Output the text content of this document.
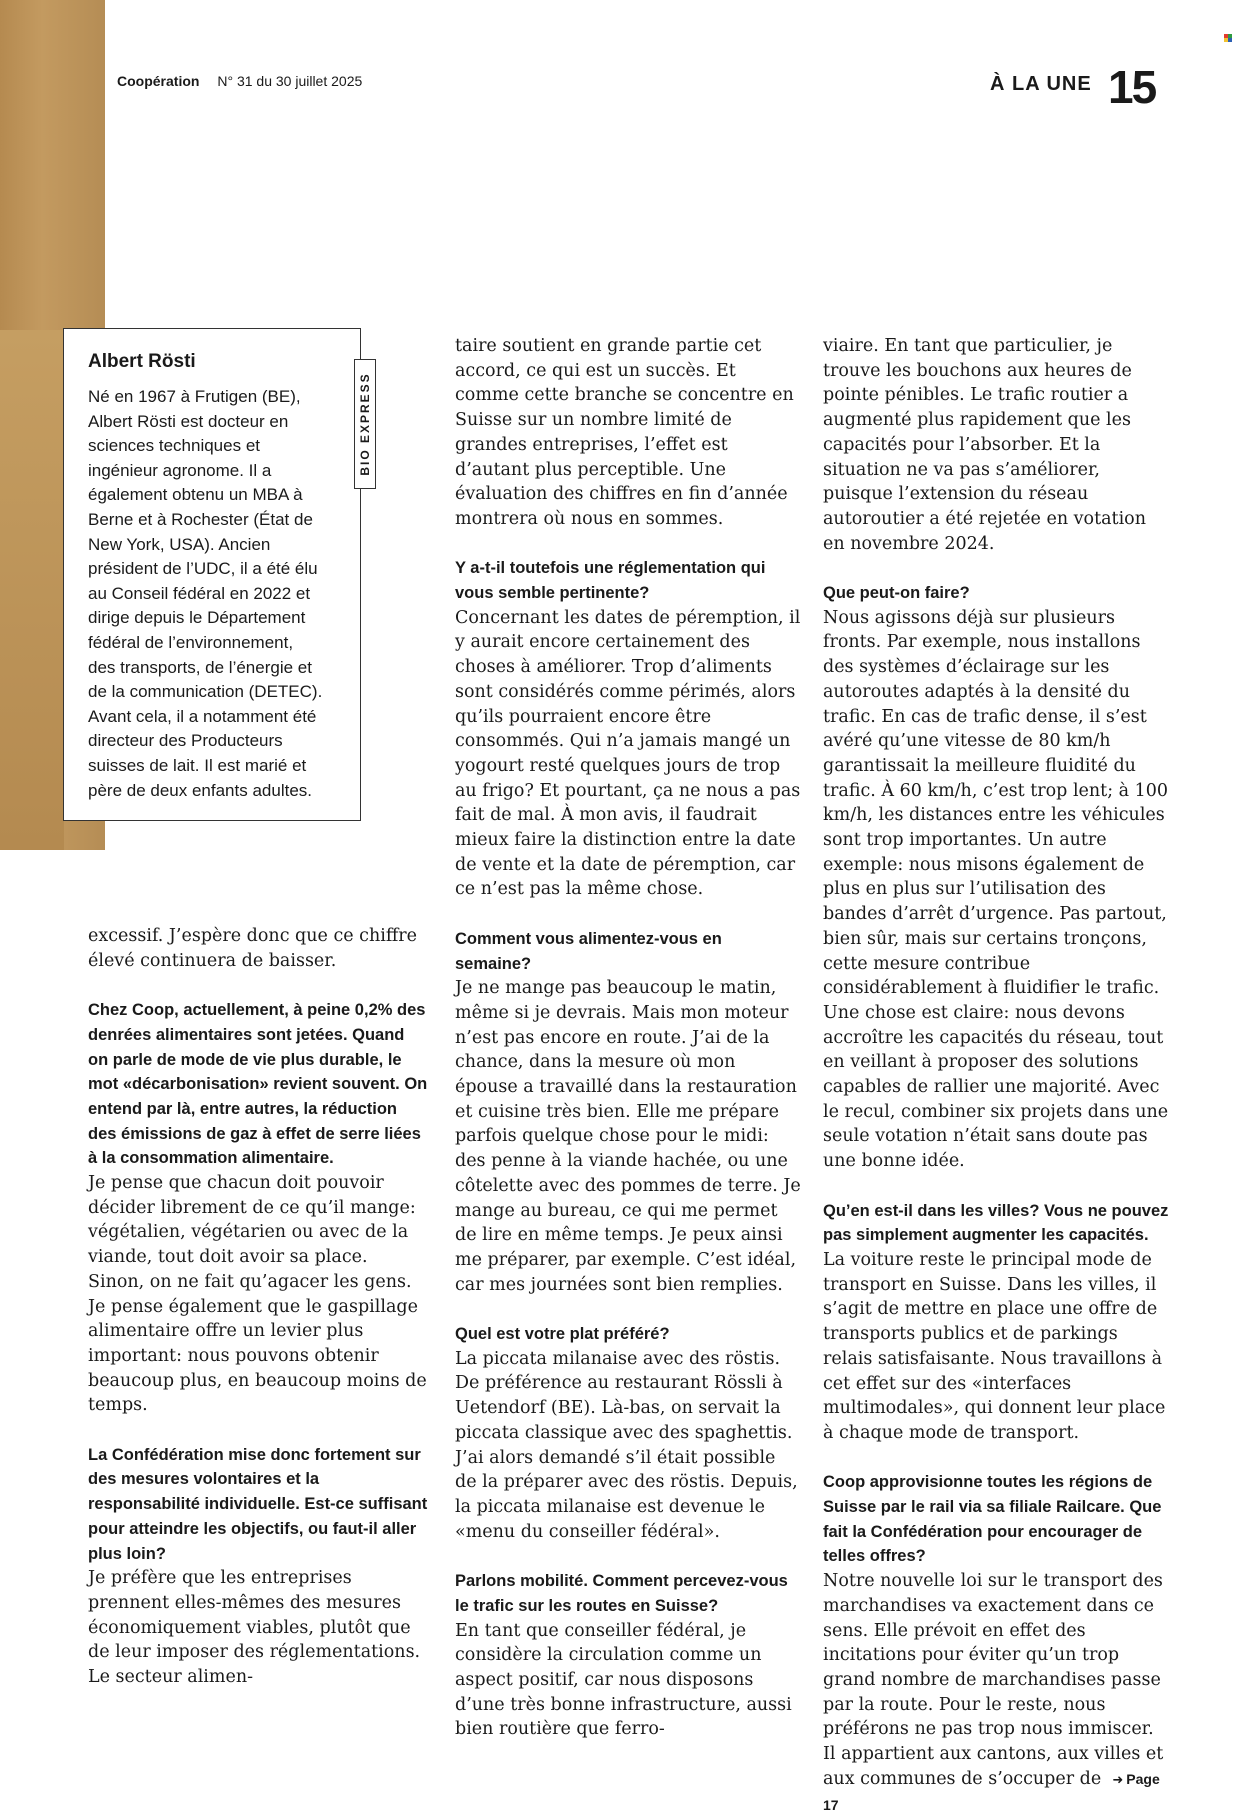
Coopération N° 31 du 30 juillet 2025	À LA UNE 15
Albert Rösti
Né en 1967 à Frutigen (BE), Albert Rösti est docteur en sciences techniques et ingénieur agronome. Il a également obtenu un MBA à Berne et à Rochester (État de New York, USA). Ancien président de l’UDC, il a été élu au Conseil fédéral en 2022 et dirige depuis le Département fédéral de l’environnement, des transports, de l’énergie et de la communication (DETEC). Avant cela, il a notamment été directeur des Producteurs suisses de lait. Il est marié et père de deux enfants adultes.
BIO EXPRESS

excessif. J’espère donc que ce chiffre élevé continuera de baisser.

Chez Coop, actuellement, à peine 0,2% des denrées alimentaires sont jetées. Quand on parle de mode de vie plus durable, le mot «décarbonisation» revient souvent. On entend par là, entre autres, la réduction des émissions de gaz à effet de serre liées à la consommation alimentaire.

Je pense que chacun doit pouvoir décider librement de ce qu’il mange: végétalien, végétarien ou avec de la viande, tout doit avoir sa place. Sinon, on ne fait qu’agacer les gens. Je pense également que le gaspillage alimentaire offre un levier plus important: nous pouvons obtenir beaucoup plus, en beaucoup moins de temps.

La Confédération mise donc fortement sur des mesures volontaires et la responsabilité individuelle. Est-ce suffisant pour atteindre les objectifs, ou faut-il aller plus loin?

Je préfère que les entreprises prennent elles-mêmes des mesures économiquement viables, plutôt que de leur imposer des réglementations. Le secteur alimen-

taire soutient en grande partie cet accord, ce qui est un succès. Et comme cette branche se concentre en Suisse sur un nombre limité de grandes entreprises, l’effet est d’autant plus perceptible. Une évaluation des chiffres en fin d’année montrera où nous en sommes.

Y a-t-il toutefois une réglementation qui vous semble pertinente?

Concernant les dates de péremption, il y aurait encore certainement des choses à améliorer. Trop d’aliments sont considérés comme périmés, alors qu’ils pourraient encore être consommés. Qui n’a jamais mangé un yogourt resté quelques jours de trop au frigo? Et pourtant, ça ne nous a pas fait de mal. À mon avis, il faudrait mieux faire la distinction entre la date de vente et la date de péremption, car ce n’est pas la même chose.

Comment vous alimentez-vous en semaine?

Je ne mange pas beaucoup le matin, même si je devrais. Mais mon moteur n’est pas encore en route. J’ai de la chance, dans la mesure où mon épouse a travaillé dans la restauration et cuisine très bien. Elle me prépare parfois quelque chose pour le midi: des penne à la viande hachée, ou une côtelette avec des pommes de terre. Je mange au bureau, ce qui me permet de lire en même temps. Je peux ainsi me préparer, par exemple. C’est idéal, car mes journées sont bien remplies.

Quel est votre plat préféré?

La piccata milanaise avec des röstis. De préférence au restaurant Rössli à Uetendorf (BE). Là-bas, on servait la piccata classique avec des spaghettis. J’ai alors demandé s’il était possible de la préparer avec des röstis. Depuis, la piccata milanaise est devenue le «menu du conseiller fédéral».

Parlons mobilité. Comment percevez-vous le trafic sur les routes en Suisse?

En tant que conseiller fédéral, je considère la circulation comme un aspect positif, car nous disposons d’une très bonne infrastructure, aussi bien routière que ferro-

viaire. En tant que particulier, je trouve les bouchons aux heures de pointe pénibles. Le trafic routier a augmenté plus rapidement que les capacités pour l’absorber. Et la situation ne va pas s’améliorer, puisque l’extension du réseau autoroutier a été rejetée en votation en novembre 2024.

Que peut-on faire?

Nous agissons déjà sur plusieurs fronts. Par exemple, nous installons des systèmes d’éclairage sur les autoroutes adaptés à la densité du trafic. En cas de trafic dense, il s’est avéré qu’une vitesse de 80 km/h garantissait la meilleure fluidité du trafic. À 60 km/h, c’est trop lent; à 100 km/h, les distances entre les véhicules sont trop importantes. Un autre exemple: nous misons également de plus en plus sur l’utilisation des bandes d’arrêt d’urgence. Pas partout, bien sûr, mais sur certains tronçons, cette mesure contribue considérablement à fluidifier le trafic. Une chose est claire: nous devons accroître les capacités du réseau, tout en veillant à proposer des solutions capables de rallier une majorité. Avec le recul, combiner six projets dans une seule votation n’était sans doute pas une bonne idée.

Qu’en est-il dans les villes? Vous ne pouvez pas simplement augmenter les capacités.

La voiture reste le principal mode de transport en Suisse. Dans les villes, il s’agit de mettre en place une offre de transports publics et de parkings relais satisfaisante. Nous travaillons à cet effet sur des «interfaces multimodales», qui donnent leur place à chaque mode de transport.

Coop approvisionne toutes les régions de Suisse par le rail via sa filiale Railcare. Que fait la Confédération pour encourager de telles offres?

Notre nouvelle loi sur le transport des marchandises va exactement dans ce sens. Elle prévoit en effet des incitations pour éviter qu’un trop grand nombre de marchandises passe par la route. Pour le reste, nous préférons ne pas trop nous immiscer. Il appartient aux cantons, aux villes et aux communes de s’occuper de ➜ Page 17
